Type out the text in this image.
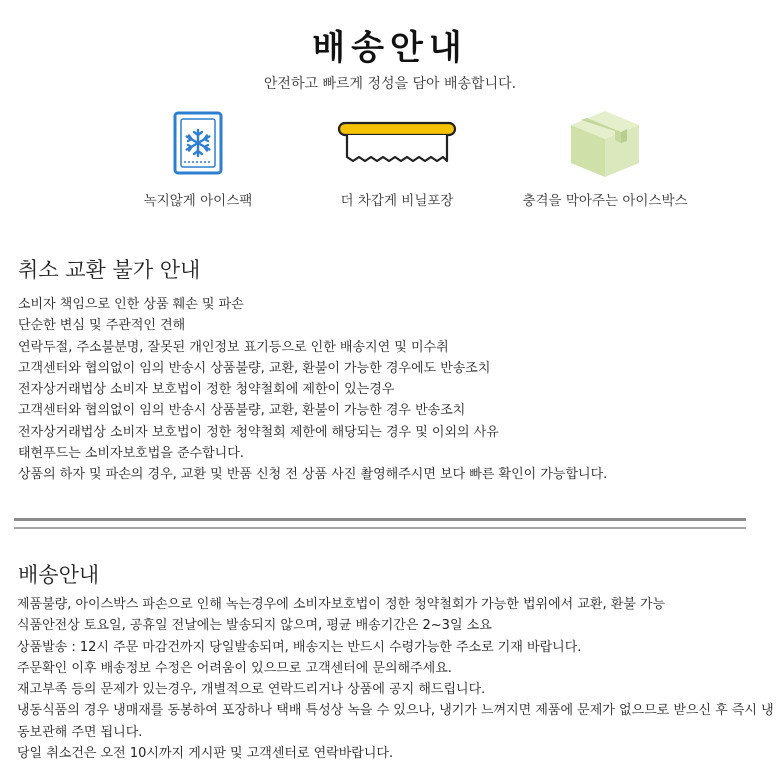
배송안내
안전하고 빠르게 정성을 담아 배송합니다.
녹지않게 아이스팩	더 차갑게 비닐포장	충격을 막아주는 아이스박스
취소 교환 불가 안내
소비자 책임으로 인한 상품 훼손 및 파손
단순한 변심 및 주관적인 견해
연락두절, 주소불분명, 잘못된 개인정보 표기등으로 인한 배송지연 및 미수취
고객센터와 협의없이 임의 반송시 상품불량, 교환, 환불이 가능한 경우에도 반송조치
전자상거래법상 소비자 보호법이 정한 청약철회에 제한이 있는경우
고객센터와 협의없이 임의 반송시 상품불량, 교환, 환불이 가능한 경우 반송조치
전자상거래법상 소비자 보호법이 정한 청약철회 제한에 해당되는 경우 및 이외의 사유
태현푸드는 소비자보호법을 준수합니다.
상품의 하자 및 파손의 경우, 교환 및 반품 신청 전 상품 사진 촬영해주시면 보다 빠른 확인이 가능합니다.
배송안내
제품불량, 아이스박스 파손으로 인해 녹는경우에 소비자보호법이 정한 청약철회가 가능한 법위에서 교환, 환불 가능
식품안전상 토요일, 공휴일 전날에는 발송되지 않으며, 평균 배송기간은 2~3일 소요
상품발송 : 12시 주문 마감건까지 당일발송되며, 배송지는 반드시 수령가능한 주소로 기재 바랍니다.
주문확인 이후 배송정보 수정은 어려움이 있으므로 고객센터에 문의해주세요.
재고부족 등의 문제가 있는경우, 개별적으로 연락드리거나 상품에 공지 해드립니다.
냉동식품의 경우 냉매재를 동봉하여 포장하나 택배 특성상 녹을 수 있으나, 냉기가 느껴지면 제품에 문제가 없으므로 받으신 후 즉시 냉동보관해 주면 됩니다.
당일 취소건은 오전 10시까지 게시판 및 고객센터로 연락바랍니다.
